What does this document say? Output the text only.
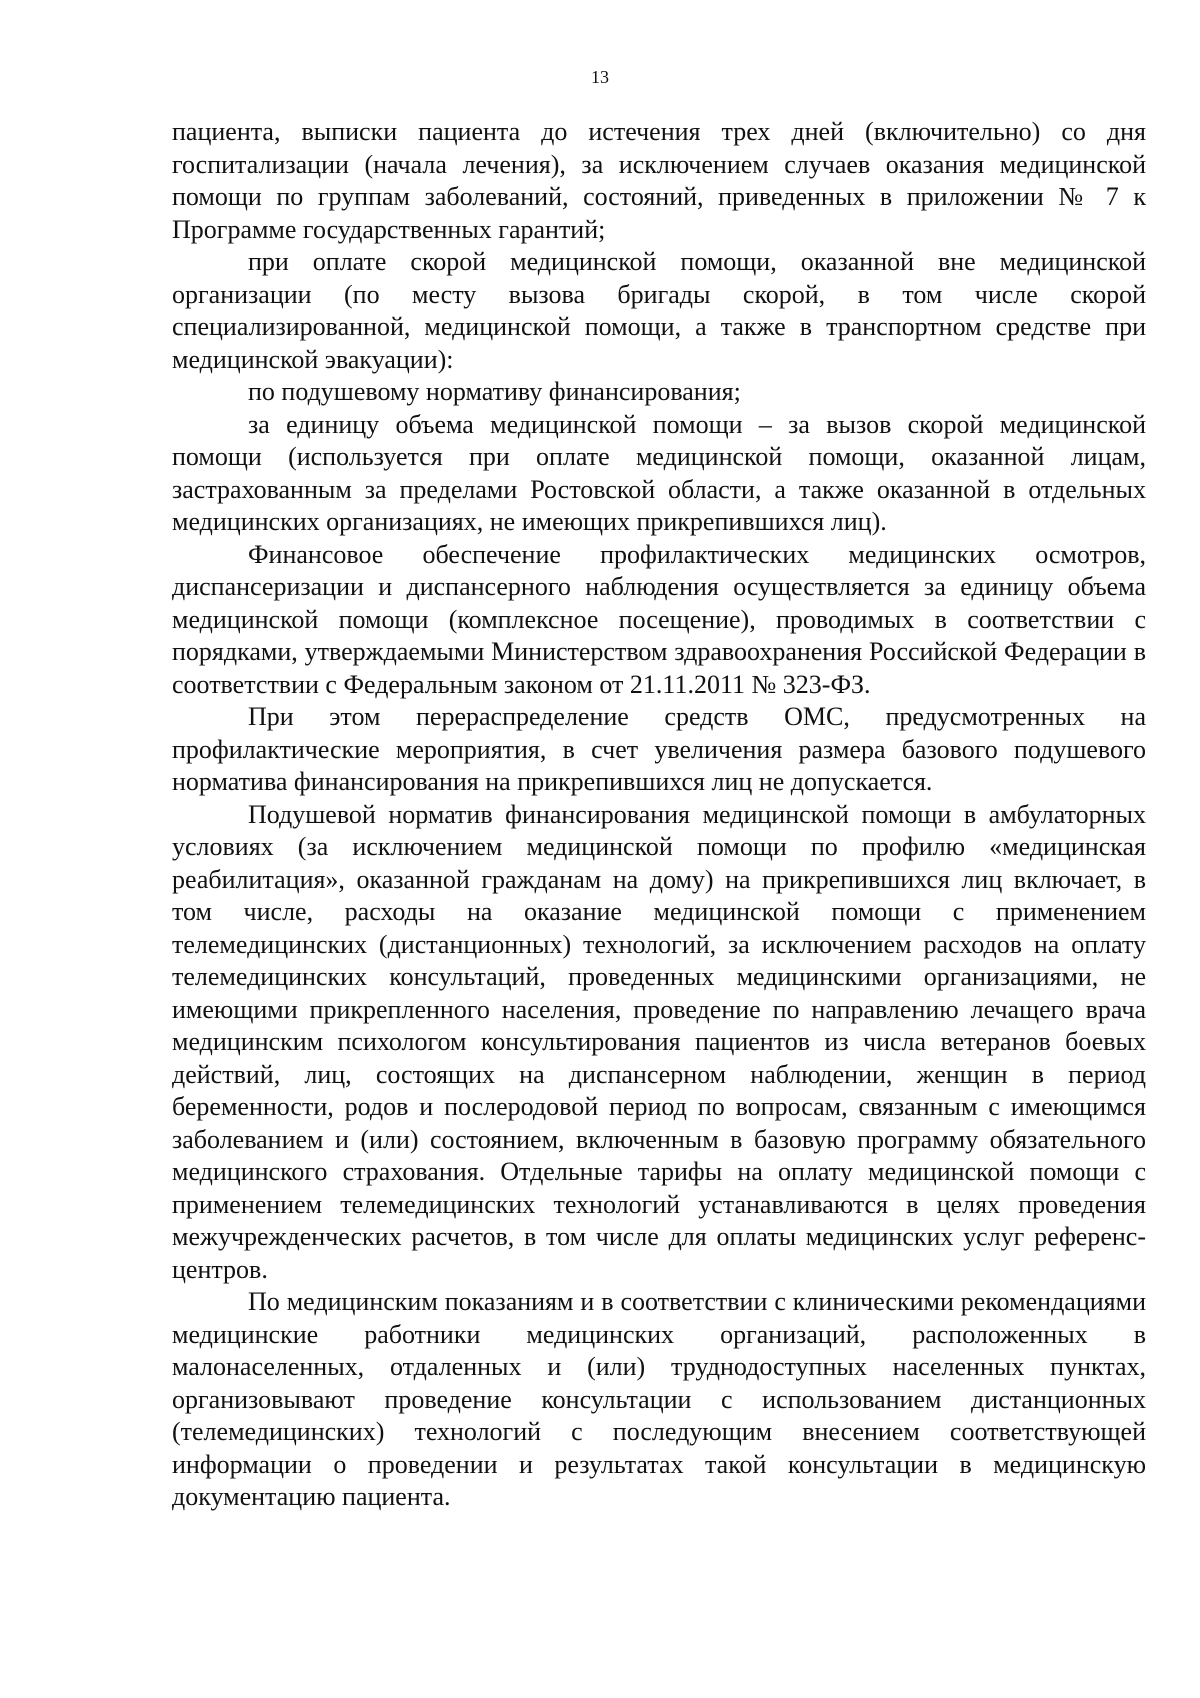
13

пациента, выписки пациента до истечения трех дней (включительно) со дня госпитализации (начала лечения), за исключением случаев оказания медицинской помощи по группам заболеваний, состояний, приведенных в приложении № 7 к Программе государственных гарантий;

при оплате скорой медицинской помощи, оказанной вне медицинской организации (по месту вызова бригады скорой, в том числе скорой специализированной, медицинской помощи, а также в транспортном средстве при медицинской эвакуации):

по подушевому нормативу финансирования;

за единицу объема медицинской помощи – за вызов скорой медицинской помощи (используется при оплате медицинской помощи, оказанной лицам, застрахованным за пределами Ростовской области, а также оказанной в отдельных медицинских организациях, не имеющих прикрепившихся лиц).

Финансовое обеспечение профилактических медицинских осмотров, диспансеризации и диспансерного наблюдения осуществляется за единицу объема медицинской помощи (комплексное посещение), проводимых в соответствии с порядками, утверждаемыми Министерством здравоохранения Российской Федерации в соответствии с Федеральным законом от 21.11.2011 № 323-ФЗ.

При этом перераспределение средств ОМС, предусмотренных на профилактические мероприятия, в счет увеличения размера базового подушевого норматива финансирования на прикрепившихся лиц не допускается.

Подушевой норматив финансирования медицинской помощи в амбулаторных условиях (за исключением медицинской помощи по профилю «медицинская реабилитация», оказанной гражданам на дому) на прикрепившихся лиц включает, в том числе, расходы на оказание медицинской помощи с применением телемедицинских (дистанционных) технологий, за исключением расходов на оплату телемедицинских консультаций, проведенных медицинскими организациями, не имеющими прикрепленного населения, проведение по направлению лечащего врача медицинским психологом консультирования пациентов из числа ветеранов боевых действий, лиц, состоящих на диспансерном наблюдении, женщин в период беременности, родов и послеродовой период по вопросам, связанным с имеющимся заболеванием и (или) состоянием, включенным в базовую программу обязательного медицинского страхования. Отдельные тарифы на оплату медицинской помощи с применением телемедицинских технологий устанавливаются в целях проведения межучрежденческих расчетов, в том числе для оплаты медицинских услуг референс-центров.

По медицинским показаниям и в соответствии с клиническими рекомендациями медицинские работники медицинских организаций, расположенных в малонаселенных, отдаленных и (или) труднодоступных населенных пунктах, организовывают проведение консультации с использованием дистанционных (телемедицинских) технологий с последующим внесением соответствующей информации о проведении и результатах такой консультации в медицинскую документацию пациента.
